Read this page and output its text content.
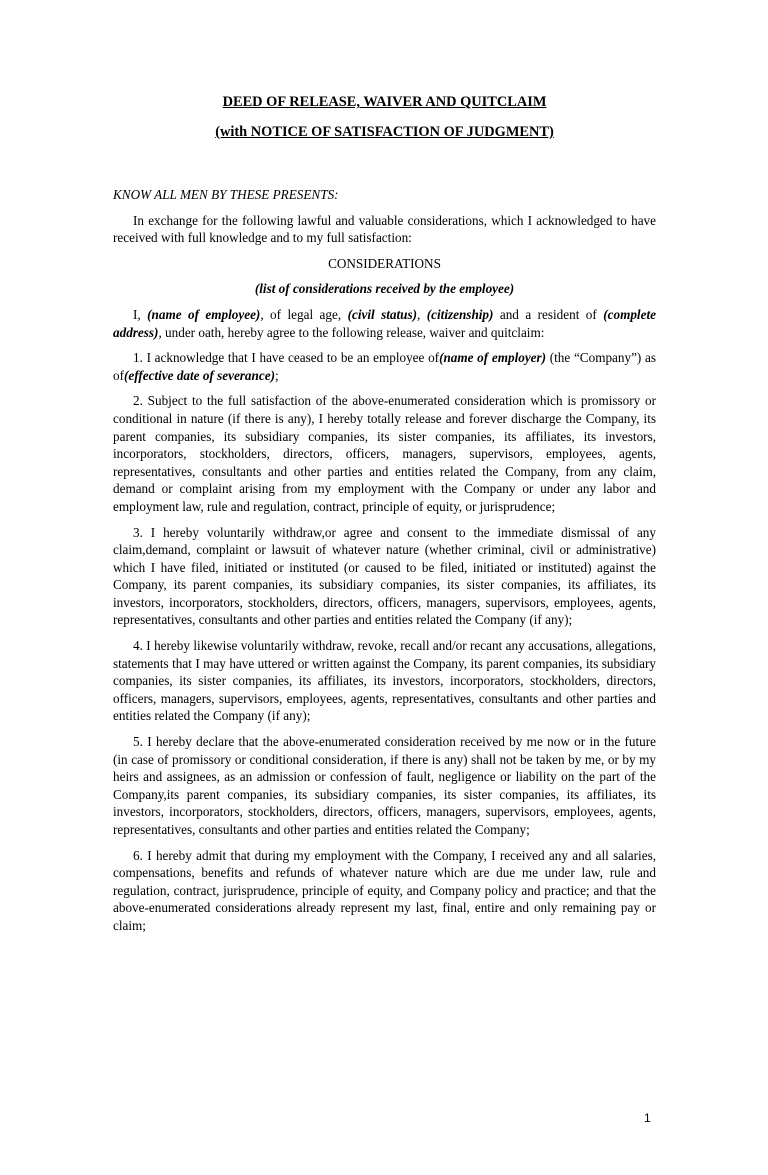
DEED OF RELEASE, WAIVER AND QUITCLAIM

(with NOTICE OF SATISFACTION OF JUDGMENT)

KNOW ALL MEN BY THESE PRESENTS:

In exchange for the following lawful and valuable considerations, which I acknowledged to have received with full knowledge and to my full satisfaction:

CONSIDERATIONS

(list of considerations received by the employee)

I, (name of employee), of legal age, (civil status), (citizenship) and a resident of (complete address), under oath, hereby agree to the following release, waiver and quitclaim:

1. I acknowledge that I have ceased to be an employee of(name of employer) (the “Company”) as of(effective date of severance);

2. Subject to the full satisfaction of the above-enumerated consideration which is promissory or conditional in nature (if there is any), I hereby totally release and forever discharge the Company, its parent companies, its subsidiary companies, its sister companies, its affiliates, its investors, incorporators, stockholders, directors, officers, managers, supervisors, employees, agents, representatives, consultants and other parties and entities related the Company, from any claim, demand or complaint arising from my employment with the Company or under any labor and employment law, rule and regulation, contract, principle of equity, or jurisprudence;

3. I hereby voluntarily withdraw,or agree and consent to the immediate dismissal of any claim,demand, complaint or lawsuit of whatever nature (whether criminal, civil or administrative) which I have filed, initiated or instituted (or caused to be filed, initiated or instituted) against the Company, its parent companies, its subsidiary companies, its sister companies, its affiliates, its investors, incorporators, stockholders, directors, officers, managers, supervisors, employees, agents, representatives, consultants and other parties and entities related the Company (if any);

4. I hereby likewise voluntarily withdraw, revoke, recall and/or recant any accusations, allegations, statements that I may have uttered or written against the Company, its parent companies, its subsidiary companies, its sister companies, its affiliates, its investors, incorporators, stockholders, directors, officers, managers, supervisors, employees, agents, representatives, consultants and other parties and entities related the Company (if any);

5. I hereby declare that the above-enumerated consideration received by me now or in the future (in case of promissory or conditional consideration, if there is any) shall not be taken by me, or by my heirs and assignees, as an admission or confession of fault, negligence or liability on the part of the Company,its parent companies, its subsidiary companies, its sister companies, its affiliates, its investors, incorporators, stockholders, directors, officers, managers, supervisors, employees, agents, representatives, consultants and other parties and entities related the Company;

6. I hereby admit that during my employment with the Company, I received any and all salaries, compensations, benefits and refunds of whatever nature which are due me under law, rule and regulation, contract, jurisprudence, principle of equity, and Company policy and practice; and that the above-enumerated considerations already represent my last, final, entire and only remaining pay or claim;

1
